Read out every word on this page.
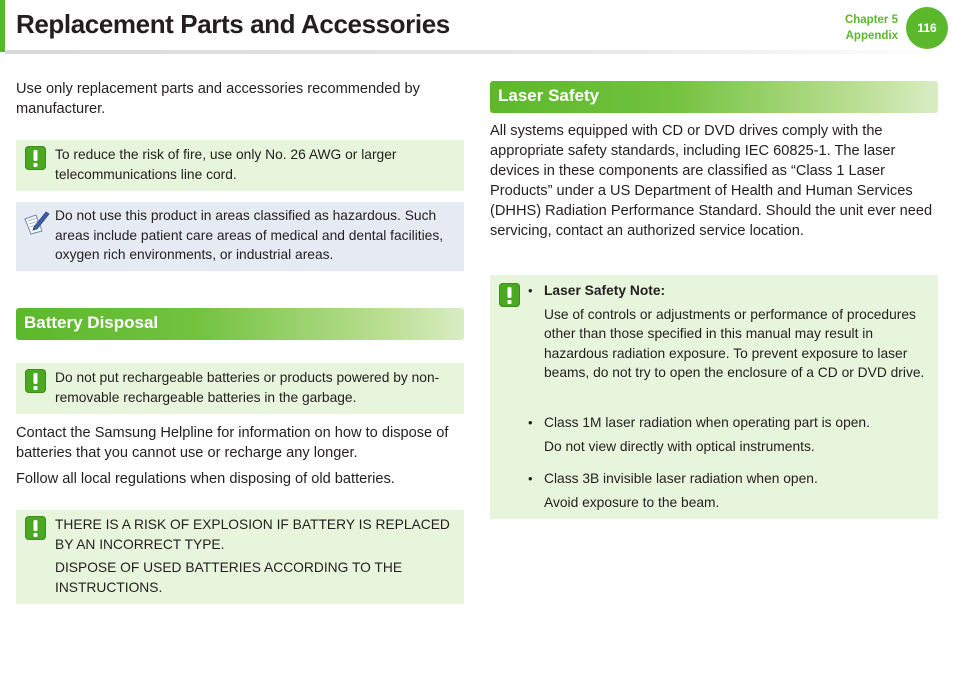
Replacement Parts and Accessories	Chapter 5
Appendix
116
Use only replacement parts and accessories recommended by manufacturer.
To reduce the risk of fire, use only No. 26 AWG or larger telecommunications line cord.
Do not use this product in areas classified as hazardous. Such areas include patient care areas of medical and dental facilities, oxygen rich environments, or industrial areas.
Battery Disposal
Do not put rechargeable batteries or products powered by non-removable rechargeable batteries in the garbage.
Contact the Samsung Helpline for information on how to dispose of batteries that you cannot use or recharge any longer.
Follow all local regulations when disposing of old batteries.

THERE IS A RISK OF EXPLOSION IF BATTERY IS REPLACED BY AN INCORRECT TYPE.

DISPOSE OF USED BATTERIES ACCORDING TO THE INSTRUCTIONS.

Laser Safety
All systems equipped with CD or DVD drives comply with the appropriate safety standards, including IEC 60825-1. The laser devices in these components are classified as “Class 1 Laser Products” under a US Department of Health and Human Services (DHHS) Radiation Performance Standard. Should the unit ever need servicing, contact an authorized service location.
• Laser Safety Note:
Use of controls or adjustments or performance of procedures other than those specified in this manual may result in hazardous radiation exposure. To prevent exposure to laser beams, do not try to open the enclosure of a CD or DVD drive.
• Class 1M laser radiation when operating part is open.
Do not view directly with optical instruments.
• Class 3B invisible laser radiation when open.
Avoid exposure to the beam.
